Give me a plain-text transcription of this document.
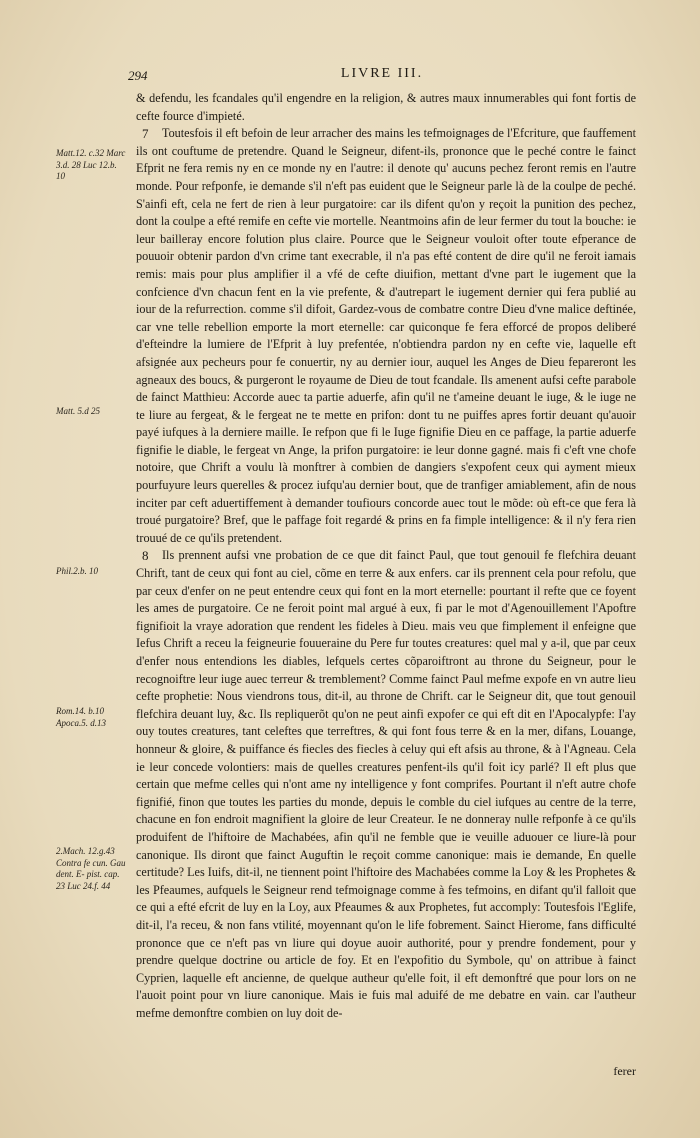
294	LIVRE III.
Matt.12. c.32 Marc 3.d. 28 Luc 12.b. 10
Matt. 5.d 25
Phil.2.b. 10
Rom.14. b.10 Apoca.5. d.13
2.Mach. 12.g.43 Contra fe cun. Gau dent. E- pist. cap. 23 Luc 24.f. 44

& defendu, les fcandales qu'il engendre en la religion, & autres maux innumerables qui font fortis de cefte fource d'impieté.

7 Toutesfois il eft befoin de leur arracher des mains les tefmoignages de l'Efcriture, que fauffement ils ont couftume de pretendre. Quand le Seigneur, difent-ils, prononce que le peché contre le fainct Efprit ne fera remis ny en ce monde ny en l'autre: il denote qu' aucuns pechez feront remis en l'autre monde. Pour refponfe, ie demande s'il n'eft pas euident que le Seigneur parle là de la coulpe de peché. S'ainfi eft, cela ne fert de rien à leur purgatoire: car ils difent qu'on y reçoit la punition des pechez, dont la coulpe a efté remife en cefte vie mortelle. Neantmoins afin de leur fermer du tout la bouche: ie leur bailleray encore folution plus claire. Pource que le Seigneur vouloit ofter toute efperance de pouuoir obtenir pardon d'vn crime tant execrable, il n'a pas efté content de dire qu'il ne feroit iamais remis: mais pour plus amplifier il a vfé de cefte diuifion, mettant d'vne part le iugement que la confcience d'vn chacun fent en la vie prefente, & d'autrepart le iugement dernier qui fera publié au iour de la refurrection. comme s'il difoit, Gardez-vous de combatre contre Dieu d'vne malice deftinée, car vne telle rebellion emporte la mort eternelle: car quiconque fe fera efforcé de propos deliberé d'efteindre la lumiere de l'Efprit à luy prefentée, n'obtiendra pardon ny en cefte vie, laquelle eft afsignée aux pecheurs pour fe conuertir, ny au dernier iour, auquel les Anges de Dieu fepareront les agneaux des boucs, & purgeront le royaume de Dieu de tout fcandale. Ils amenent aufsi cefte parabole de fainct Matthieu: Accorde auec ta partie aduerfe, afin qu'il ne t'ameine deuant le iuge, & le iuge ne te liure au fergeat, & le fergeat ne te mette en prifon: dont tu ne puiffes apres fortir deuant qu'auoir payé iufques à la derniere maille. Ie refpon que fi le Iuge fignifie Dieu en ce paffage, la partie aduerfe fignifie le diable, le fergeat vn Ange, la prifon purgatoire: ie leur donne gagné. mais fi c'eft vne chofe notoire, que Chrift a voulu là monftrer à combien de dangiers s'expofent ceux qui ayment mieux pourfuyure leurs querelles & procez iufqu'au dernier bout, que de tranfiger amiablement, afin de nous inciter par ceft aduertiffement à demander toufiours concorde auec tout le mõde: où eft-ce que fera là troué purgatoire? Bref, que le paffage foit regardé & prins en fa fimple intelligence: & il n'y fera rien trouué de ce qu'ils pretendent.

8 Ils prennent aufsi vne probation de ce que dit fainct Paul, que tout genouil fe flefchira deuant Chrift, tant de ceux qui font au ciel, cõme en terre & aux enfers. car ils prennent cela pour refolu, que par ceux d'enfer on ne peut entendre ceux qui font en la mort eternelle: pourtant il refte que ce foyent les ames de purgatoire. Ce ne feroit point mal argué à eux, fi par le mot d'Agenouillement l'Apoftre fignifioit la vraye adoration que rendent les fideles à Dieu. mais veu que fimplement il enfeigne que Iefus Chrift a receu la feigneurie fouueraine du Pere fur toutes creatures: quel mal y a-il, que par ceux d'enfer nous entendions les diables, lefquels certes cõparoiftront au throne du Seigneur, pour le recognoiftre leur iuge auec terreur & tremblement? Comme fainct Paul mefme expofe en vn autre lieu cefte prophetie: Nous viendrons tous, dit-il, au throne de Chrift. car le Seigneur dit, que tout genouil flefchira deuant luy, &c. Ils repliquerõt qu'on ne peut ainfi expofer ce qui eft dit en l'Apocalypfe: I'ay ouy toutes creatures, tant celeftes que terreftres, & qui font fous terre & en la mer, difans, Louange, honneur & gloire, & puiffance és fiecles des fiecles à celuy qui eft afsis au throne, & à l'Agneau. Cela ie leur concede volontiers: mais de quelles creatures penfent-ils qu'il foit icy parlé? Il eft plus que certain que mefme celles qui n'ont ame ny intelligence y font comprifes. Pourtant il n'eft autre chofe fignifié, finon que toutes les parties du monde, depuis le comble du ciel iufques au centre de la terre, chacune en fon endroit magnifient la gloire de leur Createur. Ie ne donneray nulle refponfe à ce qu'ils produifent de l'hiftoire de Machabées, afin qu'il ne femble que ie veuille aduouer ce liure-là pour canonique. Ils diront que fainct Auguftin le reçoit comme canonique: mais ie demande, En quelle certitude? Les Iuifs, dit-il, ne tiennent point l'hiftoire des Machabées comme la Loy & les Prophetes & les Pfeaumes, aufquels le Seigneur rend tefmoignage comme à fes tefmoins, en difant qu'il falloit que ce qui a efté efcrit de luy en la Loy, aux Pfeaumes & aux Prophetes, fut accomply: Toutesfois l'Eglife, dit-il, l'a receu, & non fans vtilité, moyennant qu'on le life fobrement. Sainct Hierome, fans difficulté prononce que ce n'eft pas vn liure qui doyue auoir authorité, pour y prendre fondement, pour y prendre quelque doctrine ou article de foy. Et en l'expofitio du Symbole, qu' on attribue à fainct Cyprien, laquelle eft ancienne, de quelque autheur qu'elle foit, il eft demonftré que pour lors on ne l'auoit point pour vn liure canonique. Mais ie fuis mal aduifé de me debatre en vain. car l'autheur mefme demonftre combien on luy doit de-

ferer
